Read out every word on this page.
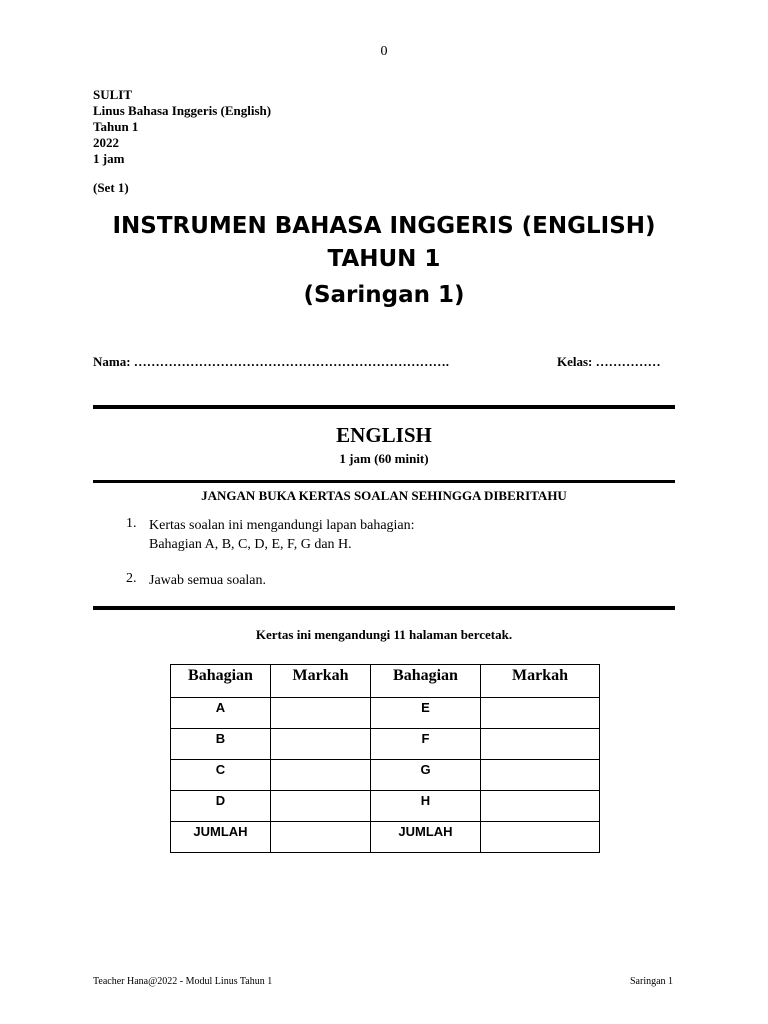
0
SULIT
Linus Bahasa Inggeris (English)
Tahun 1
2022
1 jam
(Set 1)
INSTRUMEN BAHASA INGGERIS (ENGLISH)
TAHUN 1
(Saringan 1)
Nama: ……………………………………………………………….	Kelas: ……………
ENGLISH
1 jam (60 minit)
JANGAN BUKA KERTAS SOALAN SEHINGGA DIBERITAHU
1. Kertas soalan ini mengandungi lapan bahagian:
Bahagian A, B, C, D, E, F, G dan H.
2. Jawab semua soalan.
Kertas ini mengandungi 11 halaman bercetak.
Bahagian	Markah	Bahagian	Markah
A		E	
B		F	
C		G	
D		H	
JUMLAH		JUMLAH	
Teacher Hana@2022 - Modul Linus Tahun 1	Saringan 1
